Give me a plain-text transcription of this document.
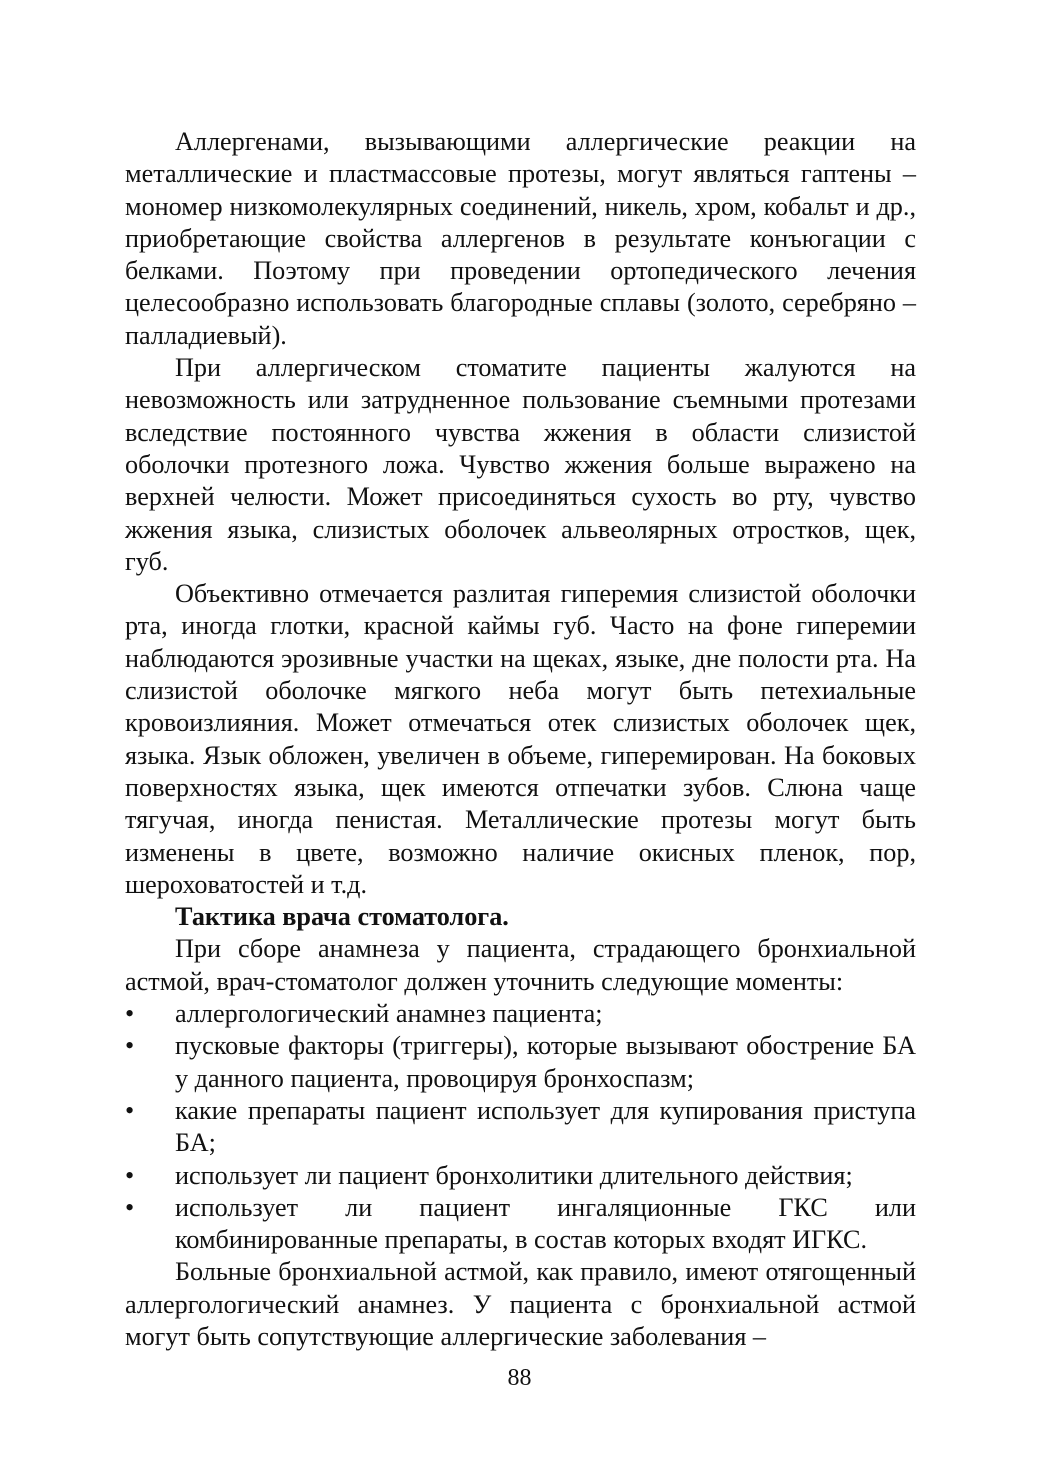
Аллергенами, вызывающими аллергические реакции на металлические и пластмассовые протезы, могут являться гаптены – мономер низкомолекулярных соединений, никель, хром, кобальт и др., приобретающие свойства аллергенов в результате конъюгации с белками. Поэтому при проведении ортопедического лечения целесообразно использовать благородные сплавы (золото, серебряно – палладиевый).

При аллергическом стоматите пациенты жалуются на невозможность или затрудненное пользование съемными протезами вследствие постоянного чувства жжения в области слизистой оболочки протезного ложа. Чувство жжения больше выражено на верхней челюсти. Может присоединяться сухость во рту, чувство жжения языка, слизистых оболочек альвеолярных отростков, щек, губ.

Объективно отмечается разлитая гиперемия слизистой оболочки рта, иногда глотки, красной каймы губ. Часто на фоне гиперемии наблюдаются эрозивные участки на щеках, языке, дне полости рта. На слизистой оболочке мягкого неба могут быть петехиальные кровоизлияния. Может отмечаться отек слизистых оболочек щек, языка. Язык обложен, увеличен в объеме, гиперемирован. На боковых поверхностях языка, щек имеются отпечатки зубов. Слюна чаще тягучая, иногда пенистая. Металлические протезы могут быть изменены в цвете, возможно наличие окисных пленок, пор, шероховатостей и т.д.

Тактика врача стоматолога.

При сборе анамнеза у пациента, страдающего бронхиальной астмой, врач-стоматолог должен уточнить следующие моменты:

• аллергологический анамнез пациента;
• пусковые факторы (триггеры), которые вызывают обострение БА у данного пациента, провоцируя бронхоспазм;
• какие препараты пациент использует для купирования приступа БА;
• использует ли пациент бронхолитики длительного действия;
• использует ли пациент ингаляционные ГКС или комбинированные препараты, в состав которых входят ИГКС.

Больные бронхиальной астмой, как правило, имеют отягощенный аллергологический анамнез. У пациента с бронхиальной астмой могут быть сопутствующие аллергические заболевания –

88
